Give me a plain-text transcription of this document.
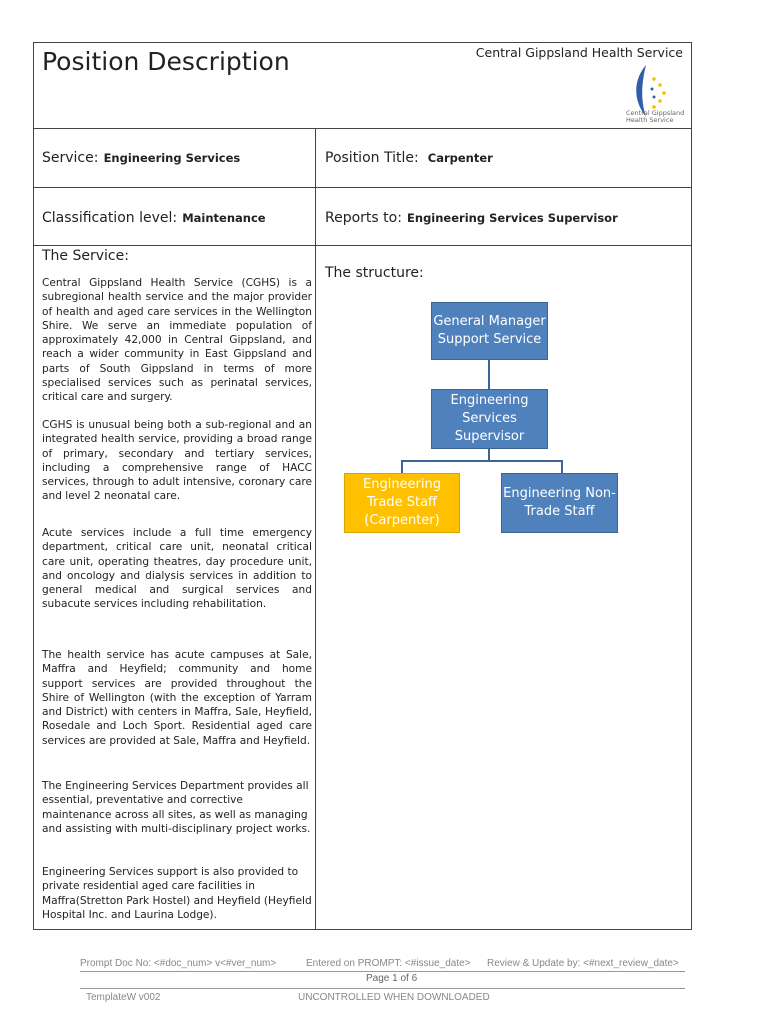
Position Description	Central Gippsland Health Service
Central Gippsland
Health Service
Service: Engineering Services	Position Title: Carpenter
Classification level: Maintenance	Reports to: Engineering Services Supervisor
The Service:
Central Gippsland Health Service (CGHS) is a subregional health service and the major provider of health and aged care services in the Wellington Shire. We serve an immediate population of approximately 42,000 in Central Gippsland, and reach a wider community in East Gippsland and parts of South Gippsland in terms of more specialised services such as perinatal services, critical care and surgery.
CGHS is unusual being both a sub-regional and an integrated health service, providing a broad range of primary, secondary and tertiary services, including a comprehensive range of HACC services, through to adult intensive, coronary care and level 2 neonatal care.
Acute services include a full time emergency department, critical care unit, neonatal critical care unit, operating theatres, day procedure unit, and oncology and dialysis services in addition to general medical and surgical services and subacute services including rehabilitation.
The health service has acute campuses at Sale, Maffra and Heyfield; community and home support services are provided throughout the Shire of Wellington (with the exception of Yarram and District) with centers in Maffra, Sale, Heyfield, Rosedale and Loch Sport. Residential aged care services are provided at Sale, Maffra and Heyfield.
The Engineering Services Department provides all essential, preventative and corrective maintenance across all sites, as well as managing and assisting with multi-disciplinary project works.
Engineering Services support is also provided to private residential aged care facilities in Maffra(Stretton Park Hostel) and Heyfield (Heyfield Hospital Inc. and Laurina Lodge).
The structure:
General Manager Support Service
Engineering Services Supervisor
Engineering Trade Staff (Carpenter)
Engineering Non-Trade Staff
Prompt Doc No: <#doc_num> v<#ver_num>	Entered on PROMPT: <#issue_date> Review & Update by: <#next_review_date>
Page 1 of 6
TemplateW v002	UNCONTROLLED WHEN DOWNLOADED
